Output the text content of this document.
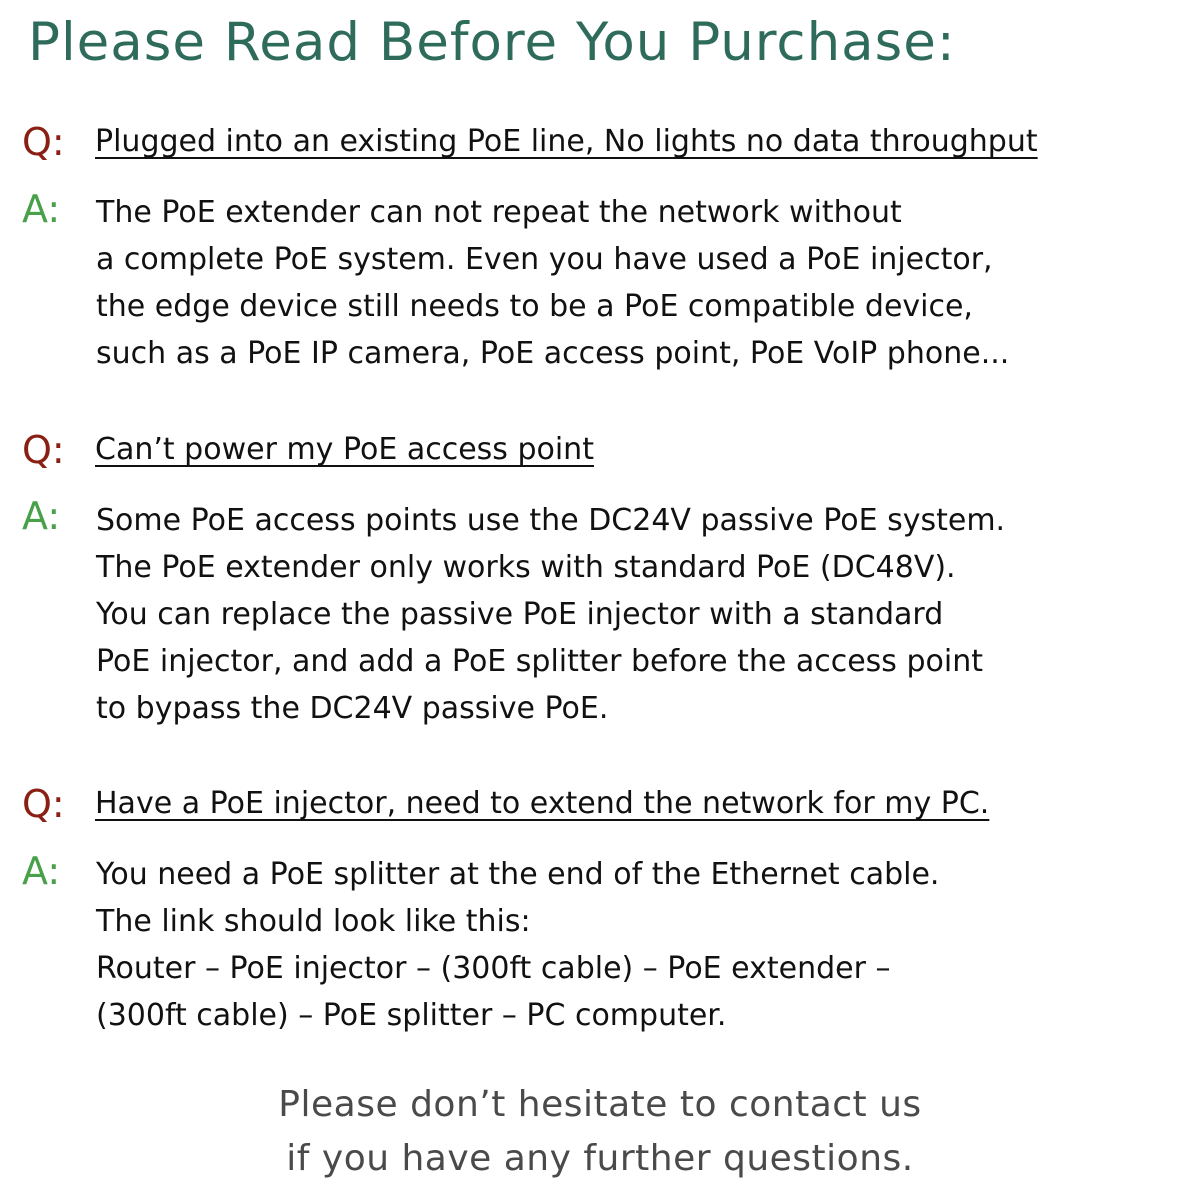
Please Read Before You Purchase:
Q: Plugged into an existing PoE line, No lights no data throughput
A: The PoE extender can not repeat the network without
a complete PoE system. Even you have used a PoE injector,
the edge device still needs to be a PoE compatible device,
such as a PoE IP camera, PoE access point, PoE VoIP phone...
Q: Can’t power my PoE access point
A: Some PoE access points use the DC24V passive PoE system.
The PoE extender only works with standard PoE (DC48V).
You can replace the passive PoE injector with a standard
PoE injector, and add a PoE splitter before the access point
to bypass the DC24V passive PoE.
Q: Have a PoE injector, need to extend the network for my PC.
A: You need a PoE splitter at the end of the Ethernet cable.
The link should look like this:
Router – PoE injector – (300ft cable) – PoE extender –
(300ft cable) – PoE splitter – PC computer.
Please don’t hesitate to contact us
if you have any further questions.
